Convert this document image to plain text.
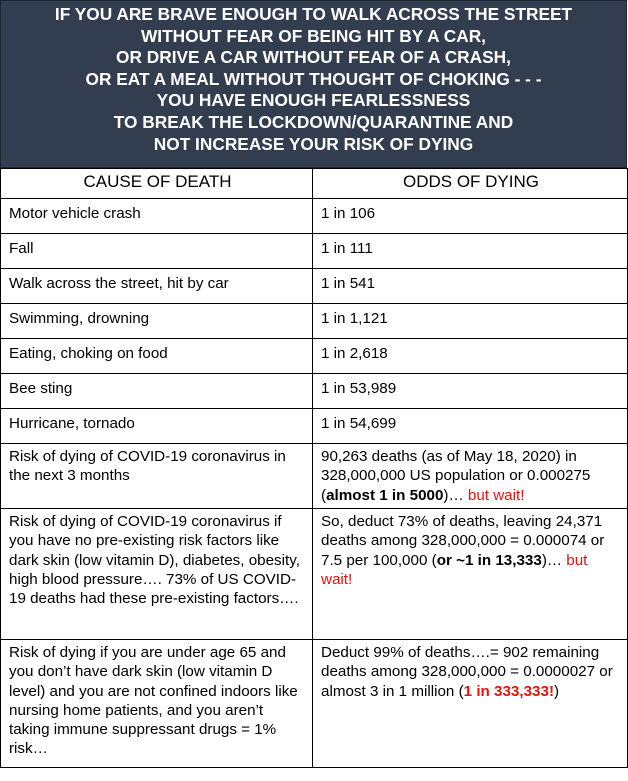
IF YOU ARE BRAVE ENOUGH TO WALK ACROSS THE STREET
WITHOUT FEAR OF BEING HIT BY A CAR,
OR DRIVE A CAR WITHOUT FEAR OF A CRASH,
OR EAT A MEAL WITHOUT THOUGHT OF CHOKING - - -
YOU HAVE ENOUGH FEARLESSNESS
TO BREAK THE LOCKDOWN/QUARANTINE AND
NOT INCREASE YOUR RISK OF DYING
CAUSE OF DEATH	ODDS OF DYING
Motor vehicle crash	1 in 106
Fall	1 in 111
Walk across the street, hit by car	1 in 541
Swimming, drowning	1 in 1,121
Eating, choking on food	1 in 2,618
Bee sting	1 in 53,989
Hurricane, tornado	1 in 54,699
Risk of dying of COVID-19 coronavirus in the next 3 months	90,263 deaths (as of May 18, 2020) in 328,000,000 US population or 0.000275 (almost 1 in 5000)… but wait!
Risk of dying of COVID-19 coronavirus if you have no pre-existing risk factors like dark skin (low vitamin D), diabetes, obesity, high blood pressure…. 73% of US COVID-19 deaths had these pre-existing factors….	So, deduct 73% of deaths, leaving 24,371 deaths among 328,000,000 = 0.000074 or 7.5 per 100,000 (or ~1 in 13,333)… but wait!
Risk of dying if you are under age 65 and you don’t have dark skin (low vitamin D level) and you are not confined indoors like nursing home patients, and you aren’t taking immune suppressant drugs = 1% risk…	Deduct 99% of deaths….= 902 remaining deaths among 328,000,000 = 0.0000027 or almost 3 in 1 million (1 in 333,333!)
